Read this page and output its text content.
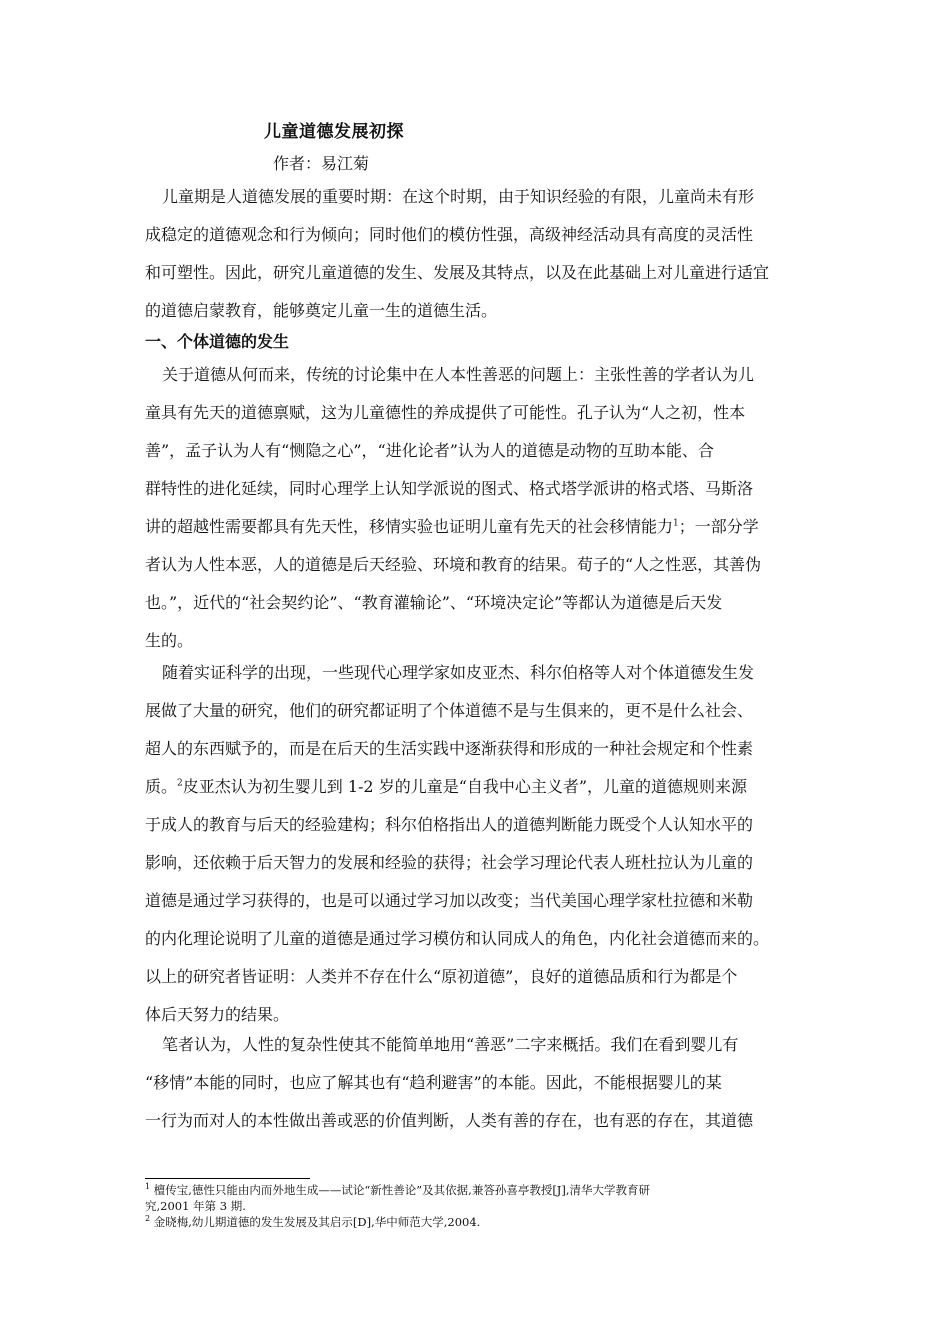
儿童道德发展初探
作者：易江菊
儿童期是人道德发展的重要时期：在这个时期，由于知识经验的有限，儿童尚未有形
成稳定的道德观念和行为倾向；同时他们的模仿性强，高级神经活动具有高度的灵活性
和可塑性。因此，研究儿童道德的发生、发展及其特点，以及在此基础上对儿童进行适宜
的道德启蒙教育，能够奠定儿童一生的道德生活。
一、个体道德的发生
关于道德从何而来，传统的讨论集中在人本性善恶的问题上：主张性善的学者认为儿
童具有先天的道德禀赋，这为儿童德性的养成提供了可能性。孔子认为“人之初，性本
善”，孟子认为人有“恻隐之心”，“进化论者”认为人的道德是动物的互助本能、合
群特性的进化延续，同时心理学上认知学派说的图式、格式塔学派讲的格式塔、马斯洛
讲的超越性需要都具有先天性，移情实验也证明儿童有先天的社会移情能力$^1$；一部分学
者认为人性本恶，人的道德是后天经验、环境和教育的结果。荀子的“人之性恶，其善伪
也。”，近代的“社会契约论”、“教育灌输论”、“环境决定论”等都认为道德是后天发
生的。
随着实证科学的出现，一些现代心理学家如皮亚杰、科尔伯格等人对个体道德发生发
展做了大量的研究，他们的研究都证明了个体道德不是与生俱来的，更不是什么社会、
超人的东西赋予的，而是在后天的生活实践中逐渐获得和形成的一种社会规定和个性素
质。$^2$皮亚杰认为初生婴儿到 1-2 岁的儿童是“自我中心主义者”，儿童的道德规则来源
于成人的教育与后天的经验建构；科尔伯格指出人的道德判断能力既受个人认知水平的
影响，还依赖于后天智力的发展和经验的获得；社会学习理论代表人班杜拉认为儿童的
道德是通过学习获得的，也是可以通过学习加以改变；当代美国心理学家杜拉德和米勒
的内化理论说明了儿童的道德是通过学习模仿和认同成人的角色，内化社会道德而来的。
以上的研究者皆证明：人类并不存在什么“原初道德”，良好的道德品质和行为都是个
体后天努力的结果。
笔者认为，人性的复杂性使其不能简单地用“善恶”二字来概括。我们在看到婴儿有
“移情”本能的同时，也应了解其也有“趋利避害”的本能。因此，不能根据婴儿的某
一行为而对人的本性做出善或恶的价值判断，人类有善的存在，也有恶的存在，其道德
$^1$ 檀传宝,德性只能由内而外地生成——试论“新性善论”及其依据,兼答孙喜亭教授[J],清华大学教育研
究,2001 年第 3 期.
$^2$ 金晓梅,幼儿期道德的发生发展及其启示[D],华中师范大学,2004.
